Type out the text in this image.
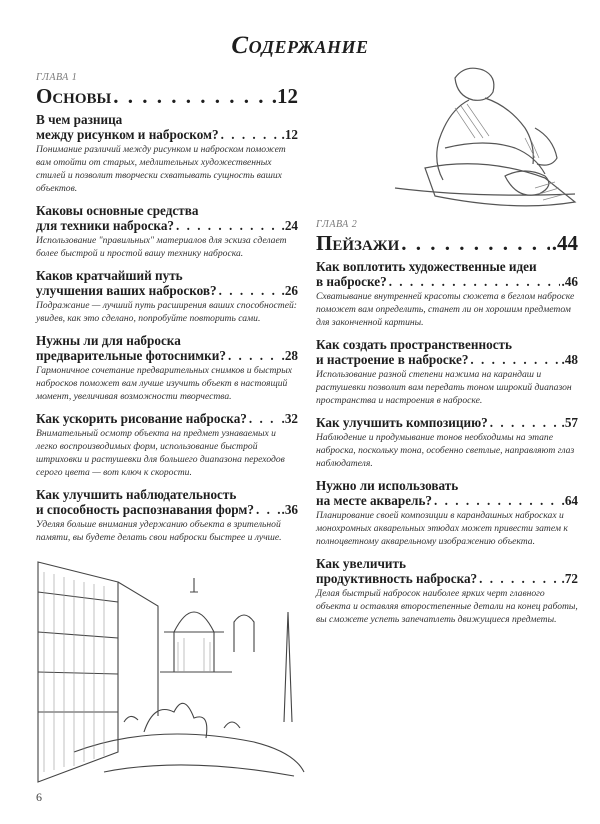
Содержание
ГЛАВА 1
Основы . . .	.12
В чем разница
между рисунком и наброском? . . .	.12
Понимание различий между рисунком и наброском поможет вам отойти от старых, медлительных художественных стилей и позволит творчески схватывать сущность ваших объектов.
Каковы основные средства
для техники наброска? . . .	.24
Использование "правильных" материалов для эскиза сделает более быстрой и простой вашу технику наброска.
Каков кратчайший путь
улучшения ваших набросков? . . .	.26
Подражание — лучший путь расширения ваших способностей: увидев, как это сделано, попробуйте повторить сами.
Нужны ли для наброска
предварительные фотоснимки? . . .	.28
Гармоничное сочетание предварительных снимков и быстрых набросков поможет вам лучше изучить объект в настоящий момент, увеличивая возможности творчества.
Как ускорить рисование наброска? . . .	.32
Внимательный осмотр объекта на предмет узнаваемых и легко воспроизводимых форм, использование быстрой штриховки и растушевки для большего диапазона переходов серого цвета — вот ключ к скорости.
Как улучшить наблюдательность
и способность распознавания форм? . . . .36
Уделяя больше внимания удержанию объекта в зрительной памяти, вы будете делать свои наброски быстрее и лучше.
ГЛАВА 2
Пейзажи . . .	.44
Как воплотить художественные идеи
в наброске? . . .	.46
Схватывание внутренней красоты сюжета в беглом наброске поможет вам определить, станет ли он хорошим предметом для законченной картины.
Как создать пространственность
и настроение в наброске? . . .	.48
Использование разной степени нажима на карандаш и растушевки позволит вам передать тоном широкий диапазон пространства и настроения в наброске.
Как улучшить композицию? . . .	.57
Наблюдение и продумывание тонов необходимы на этапе наброска, поскольку тона, особенно светлые, направляют глаз наблюдателя.
Нужно ли использовать
на месте акварель? . . .	.64
Планирование своей композиции в карандашных набросках и монохромных акварельных этюдах может привести затем к полноцветному акварельному изображению объекта.
Как увеличить
продуктивность наброска? . . .	.72
Делая быстрый набросок наиболее ярких черт главного объекта и оставляя второстепенные детали на конец работы, вы сможете успеть запечатлеть движущиеся предметы.
6
